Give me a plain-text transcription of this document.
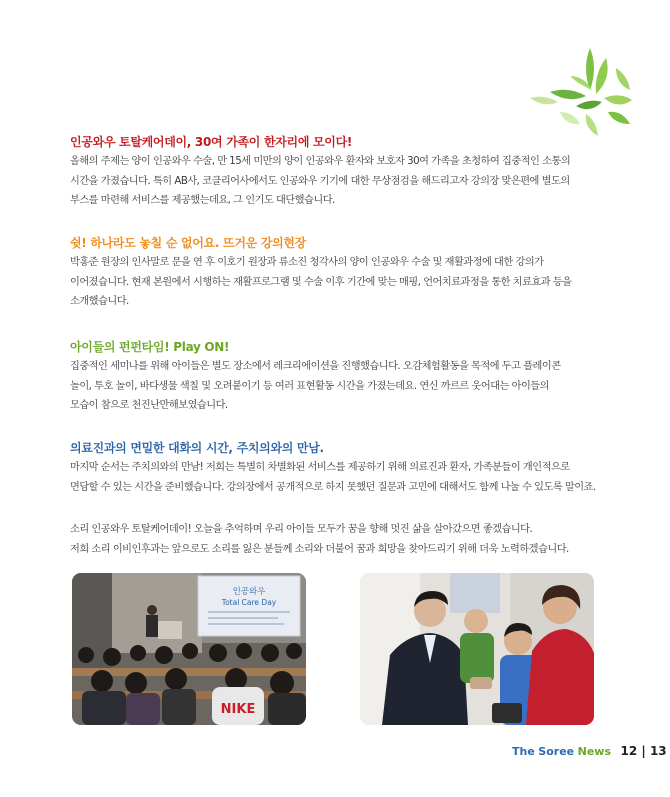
인공와우 토탈케어데이, 30여 가족이 한자리에 모이다!

올해의 주제는 양이 인공와우 수술, 만 15세 미만의 양이 인공와우 환자와 보호자 30여 가족을 초청하여 집중적인 소통의
시간을 가졌습니다. 특히 AB사, 코클리어사에서도 인공와우 기기에 대한 무상점검을 해드리고자 강의장 맞은편에 별도의
부스를 마련해 서비스를 제공했는데요, 그 인기도 대단했습니다.

쉿! 하나라도 놓칠 순 없어요. 뜨거운 강의현장

박홍준 원장의 인사말로 문을 연 후 이호기 원장과 류소진 청각사의 양이 인공와우 수술 및 재활과정에 대한 강의가
이어졌습니다. 현재 본원에서 시행하는 재활프로그램 및 수술 이후 기간에 맞는 매핑, 언어치료과정을 통한 치료효과 등을
소개했습니다.

아이들의 펀펀타임! Play ON!

집중적인 세미나를 위해 아이들은 별도 장소에서 레크리에이션을 진행했습니다. 오감체험활동을 목적에 두고 플레이콘
놀이, 투호 놀이, 바다생물 색칠 및 오려붙이기 등 여러 표현활동 시간을 가졌는데요. 연신 까르르 웃어대는 아이들의
모습이 참으로 천진난만해보였습니다.

의료진과의 면밀한 대화의 시간, 주치의와의 만남.

마지막 순서는 주치의와의 만남! 저희는 특별히 차별화된 서비스를 제공하기 위해 의료진과 환자, 가족분들이 개인적으로
면담할 수 있는 시간을 준비했습니다. 강의장에서 공개적으로 하지 못했던 질문과 고민에 대해서도 함께 나눌 수 있도록 말이죠.

소리 인공와우 토탈케어데이! 오늘을 추억하며 우리 아이들 모두가 꿈을 향해 멋진 삶을 살아갔으면 좋겠습니다.
저희 소리 이비인후과는 앞으로도 소리를 잃은 분들께 소리와 더불어 꿈과 희망을 찾아드리기 위해 더욱 노력하겠습니다.

인공와우
Total Care Day
NIKE
The Soree News 12 | 13
